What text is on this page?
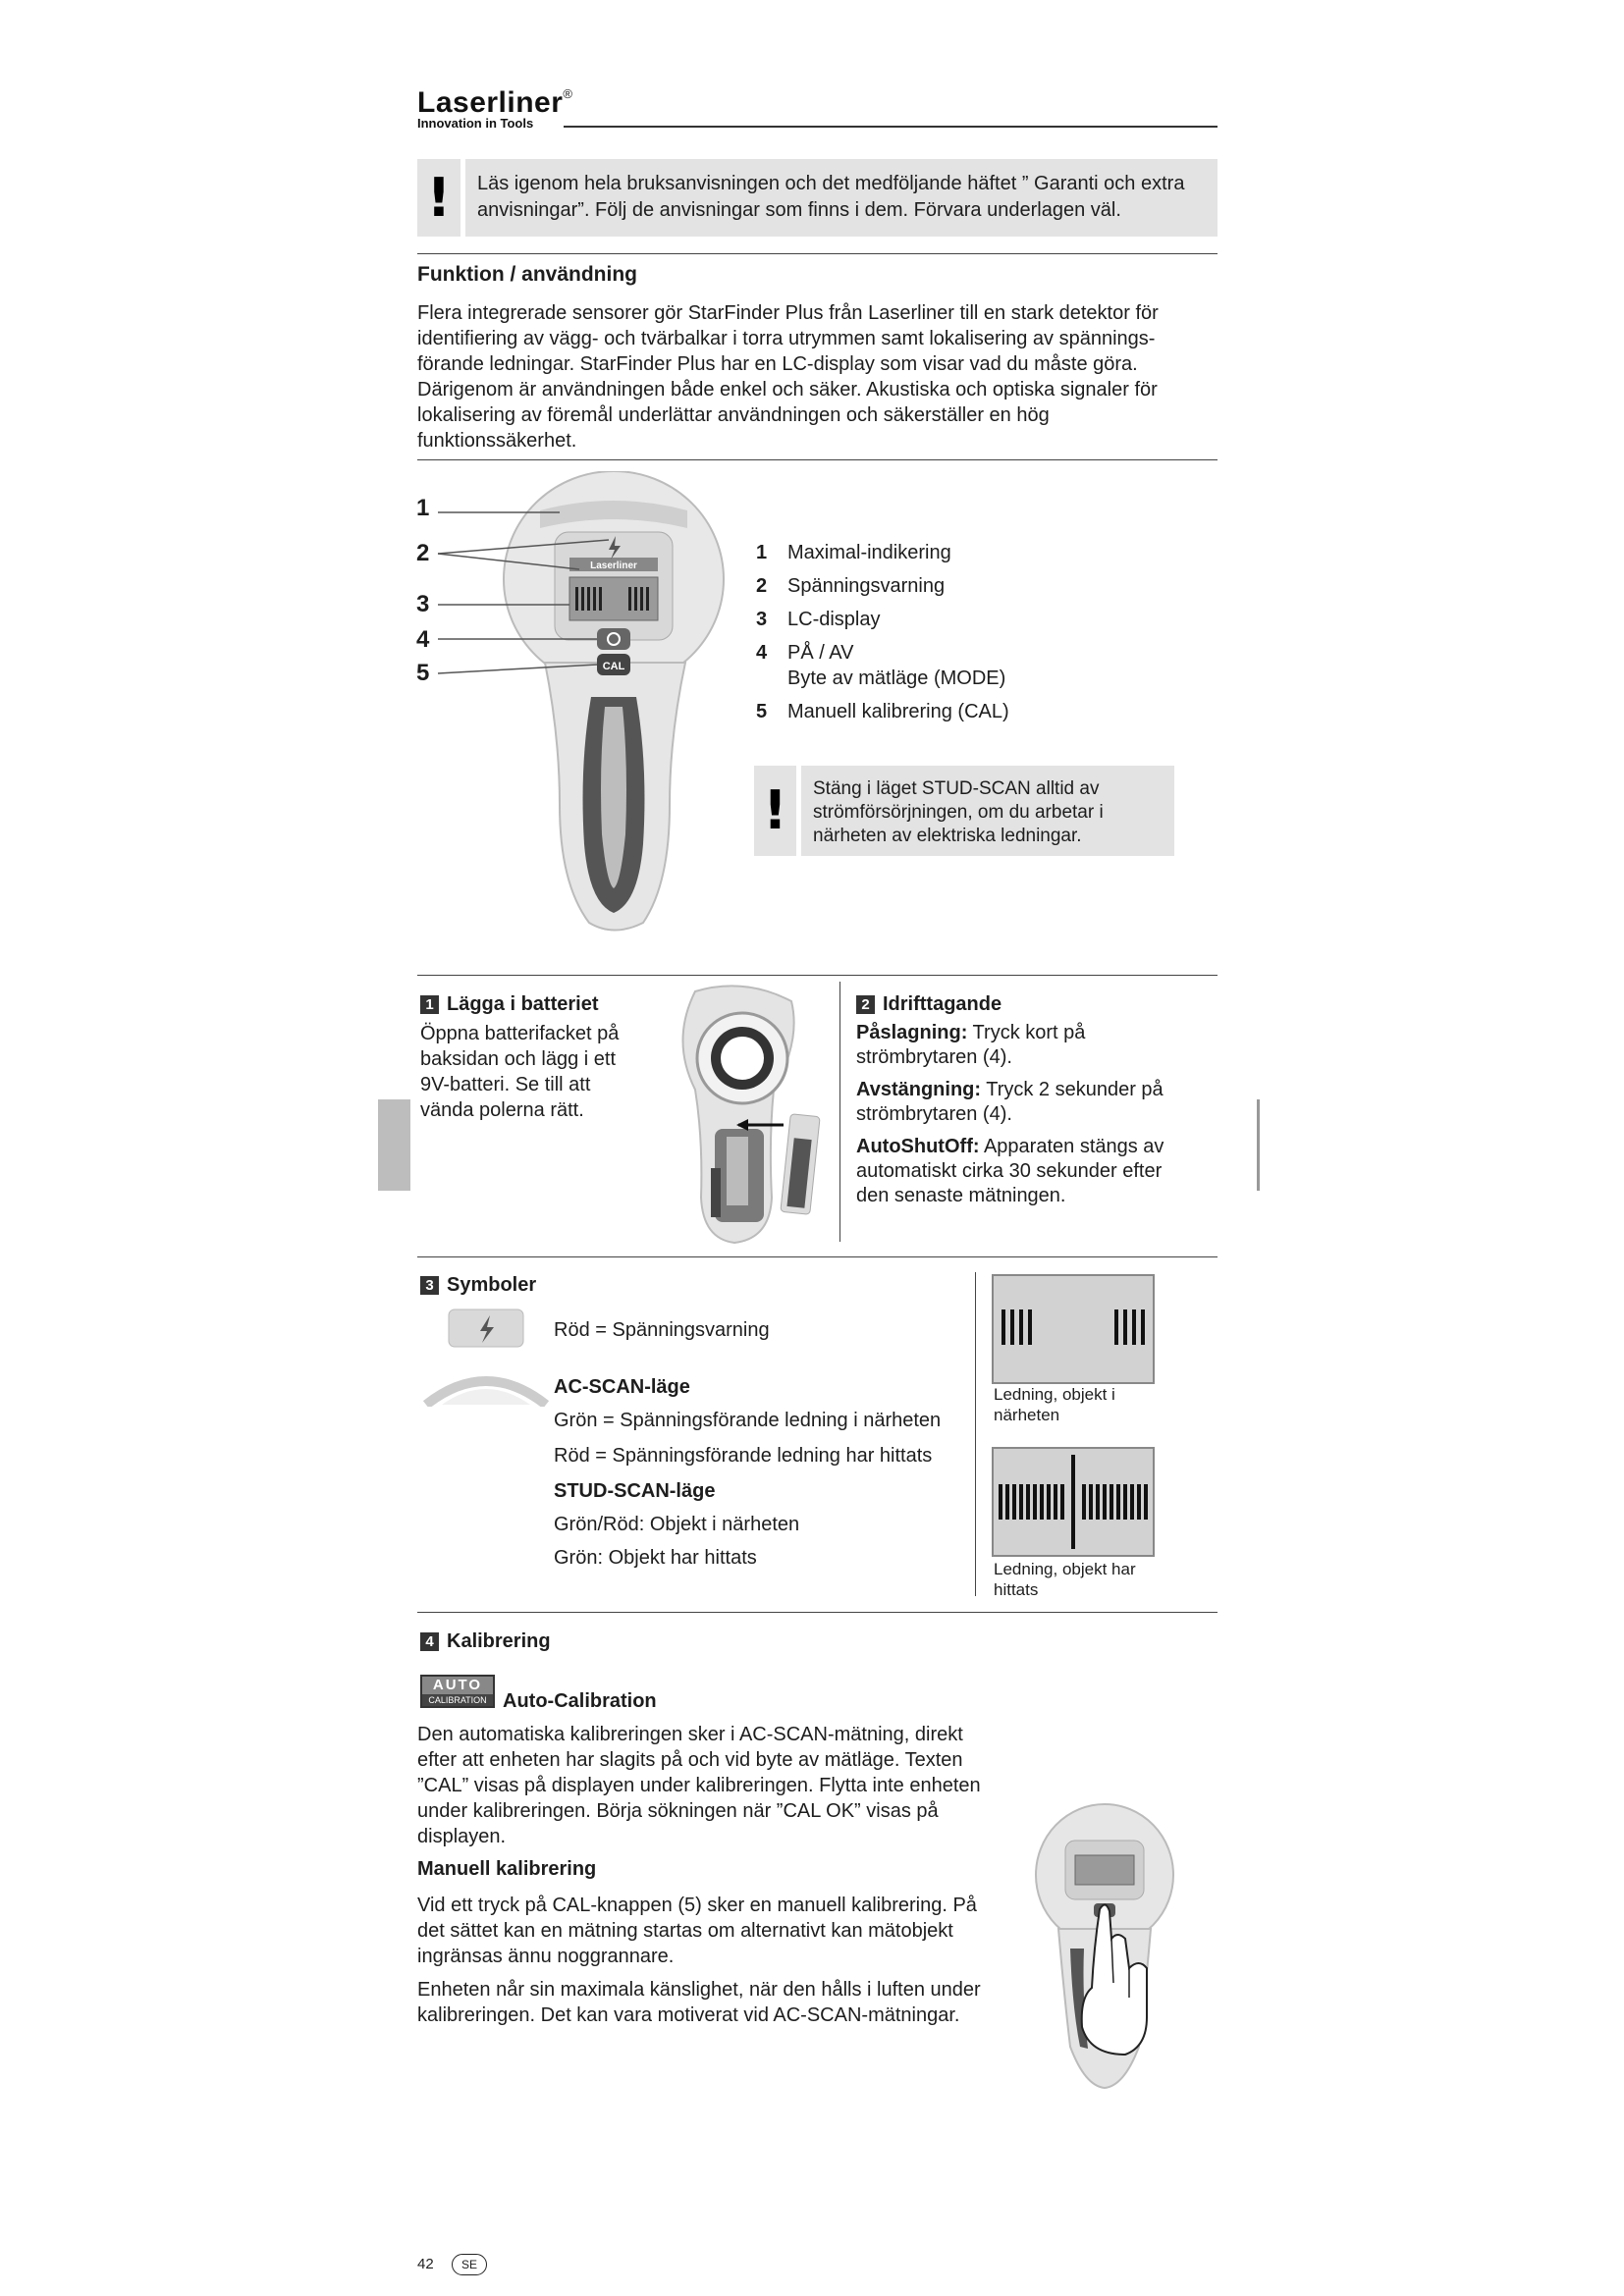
Laserliner®
Innovation in Tools
! Läs igenom hela bruksanvisningen och det medföljande häftet ” Garanti och extra anvisningar”. Följ de anvisningar som finns i dem. Förvara underlagen väl.

Funktion / användning

Flera integrerade sensorer gör StarFinder Plus från Laserliner till en stark detektor för identifiering av vägg- och tvärbalkar i torra utrymmen samt lokalisering av spännings-förande ledningar. StarFinder Plus har en LC-display som visar vad du måste göra. Därigenom är användningen både enkel och säker. Akustiska och optiska signaler för lokalisering av föremål underlättar användningen och säkerställer en hög funktionssäkerhet.

Laserliner
CAL
1
2
3
4
5
1	Maximal-indikering
2	Spänningsvarning
3	LC-display
4	PÅ / AV
Byte av mätläge (MODE)
5	Manuell kalibrering (CAL)
! Stäng i läget STUD-SCAN alltid av strömförsörjningen, om du arbetar i närheten av elektriska ledningar.

1 Lägga i batteriet

Öppna batterifacket på baksidan och lägg i ett 9V-batteri. Se till att vända polerna rätt.

2 Idrifttagande

Påslagning: Tryck kort på strömbrytaren (4).

Avstängning: Tryck 2 sekunder på strömbrytaren (4).

AutoShutOff: Apparaten stängs av automatiskt cirka 30 sekunder efter den senaste mätningen.

3 Symboler
Röd = Spänningsvarning
AC-SCAN-läge
Grön = Spänningsförande ledning i närheten
Röd = Spänningsförande ledning har hittats
STUD-SCAN-läge
Grön/Röd: Objekt i närheten
Grön: Objekt har hittats
Ledning, objekt i närheten
Ledning, objekt har hittats
4 Kalibrering
AUTO
CALIBRATION Auto-Calibration

Den automatiska kalibreringen sker i AC-SCAN-mätning, direkt efter att enheten har slagits på och vid byte av mätläge. Texten ”CAL” visas på displayen under kalibreringen. Flytta inte enheten under kalibreringen. Börja sökningen när ”CAL OK” visas på displayen.

Manuell kalibrering

Vid ett tryck på CAL-knappen (5) sker en manuell kalibrering. På det sättet kan en mätning startas om alternativt kan mätobjekt ingränsas ännu noggrannare.

Enheten når sin maximala känslighet, när den hålls i luften under kalibreringen. Det kan vara motiverat vid AC-SCAN-mätningar.

42	SE
